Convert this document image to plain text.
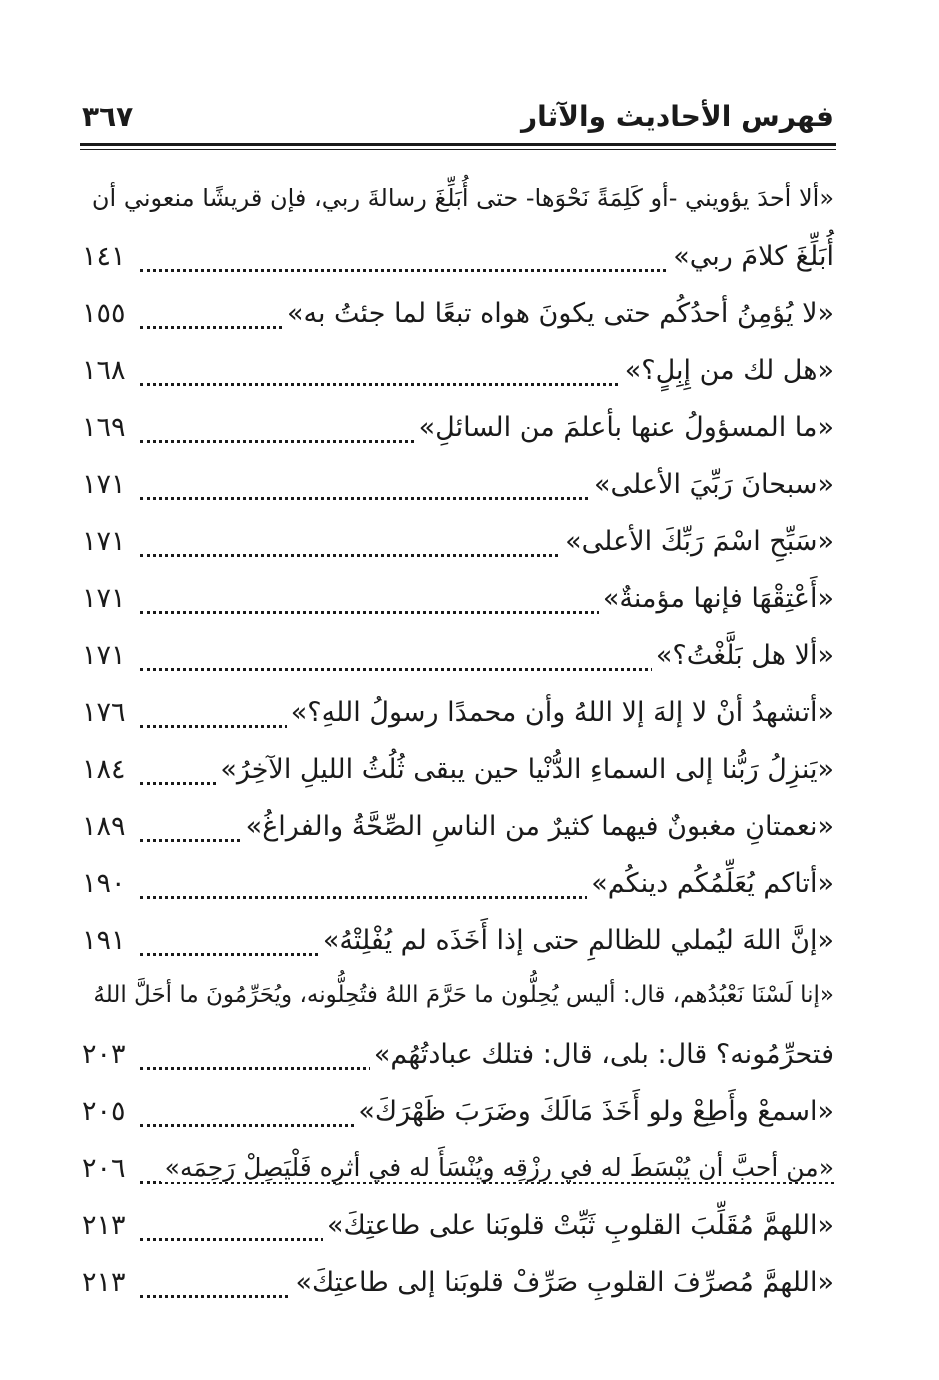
فهرس الأحاديث والآثار
٣٦٧
«ألا أحدَ يؤويني -أو كَلِمَةً نَحْوَها- حتى أُبَلِّغَ رسالةَ ربي، فإن قريشًا منعوني أن
أُبَلِّغَ كلامَ ربي»
١٤١
«لا يُؤمِنُ أحدُكُم حتى يكونَ هواه تبعًا لما جئتُ به»
١٥٥
«هل لك من إِبِلٍ؟»
١٦٨
«ما المسؤولُ عنها بأعلمَ من السائلِ»
١٦٩
«سبحانَ رَبِّيَ الأعلى»
١٧١
«سَبِّحِ اسْمَ رَبِّكَ الأعلى»
١٧١
«أَعْتِقْهَا فإنها مؤمنةٌ»
١٧١
«ألا هل بَلَّغْتُ؟»
١٧١
«أتشهدُ أنْ لا إلهَ إلا اللهُ وأن محمدًا رسولُ اللهِ؟»
١٧٦
«يَنزِلُ رَبُّنا إلى السماءِ الدُّنْيا حين يبقى ثُلُثُ الليلِ الآخِرُ»
١٨٤
«نعمتانِ مغبونٌ فيهما كثيرٌ من الناسِ الصِّحَّةُ والفراغُ»
١٨٩
«أتاكم يُعَلِّمُكُم دينكُم»
١٩٠
«إنَّ اللهَ ليُملي للظالمِ حتى إذا أَخَذَه لم يُفْلِتْهُ»
١٩١
«إنا لَسْنَا نَعْبُدُهم، قال: أليس يُحِلُّون ما حَرَّمَ اللهُ فتُحِلُّونه، ويُحَرِّمُونَ ما أحَلَّ اللهُ
فتحرِّمُونه؟ قال: بلى، قال: فتلك عبادتُهُم»
٢٠٣
«اسمعْ وأَطِعْ ولو أَخَذَ مَالَكَ وضَرَبَ ظَهْرَكَ»
٢٠٥
«من أحبَّ أن يُبْسَطَ له في رزْقِه ويُنْسَأَ له في أثرِه فَلْيَصِلْ رَحِمَه»
٢٠٦
«اللهمَّ مُقَلِّبَ القلوبِ ثَبِّتْ قلوبَنا على طاعتِكَ»
٢١٣
«اللهمَّ مُصرِّفَ القلوبِ صَرِّفْ قلوبَنا إلى طاعتِكَ»
٢١٣
